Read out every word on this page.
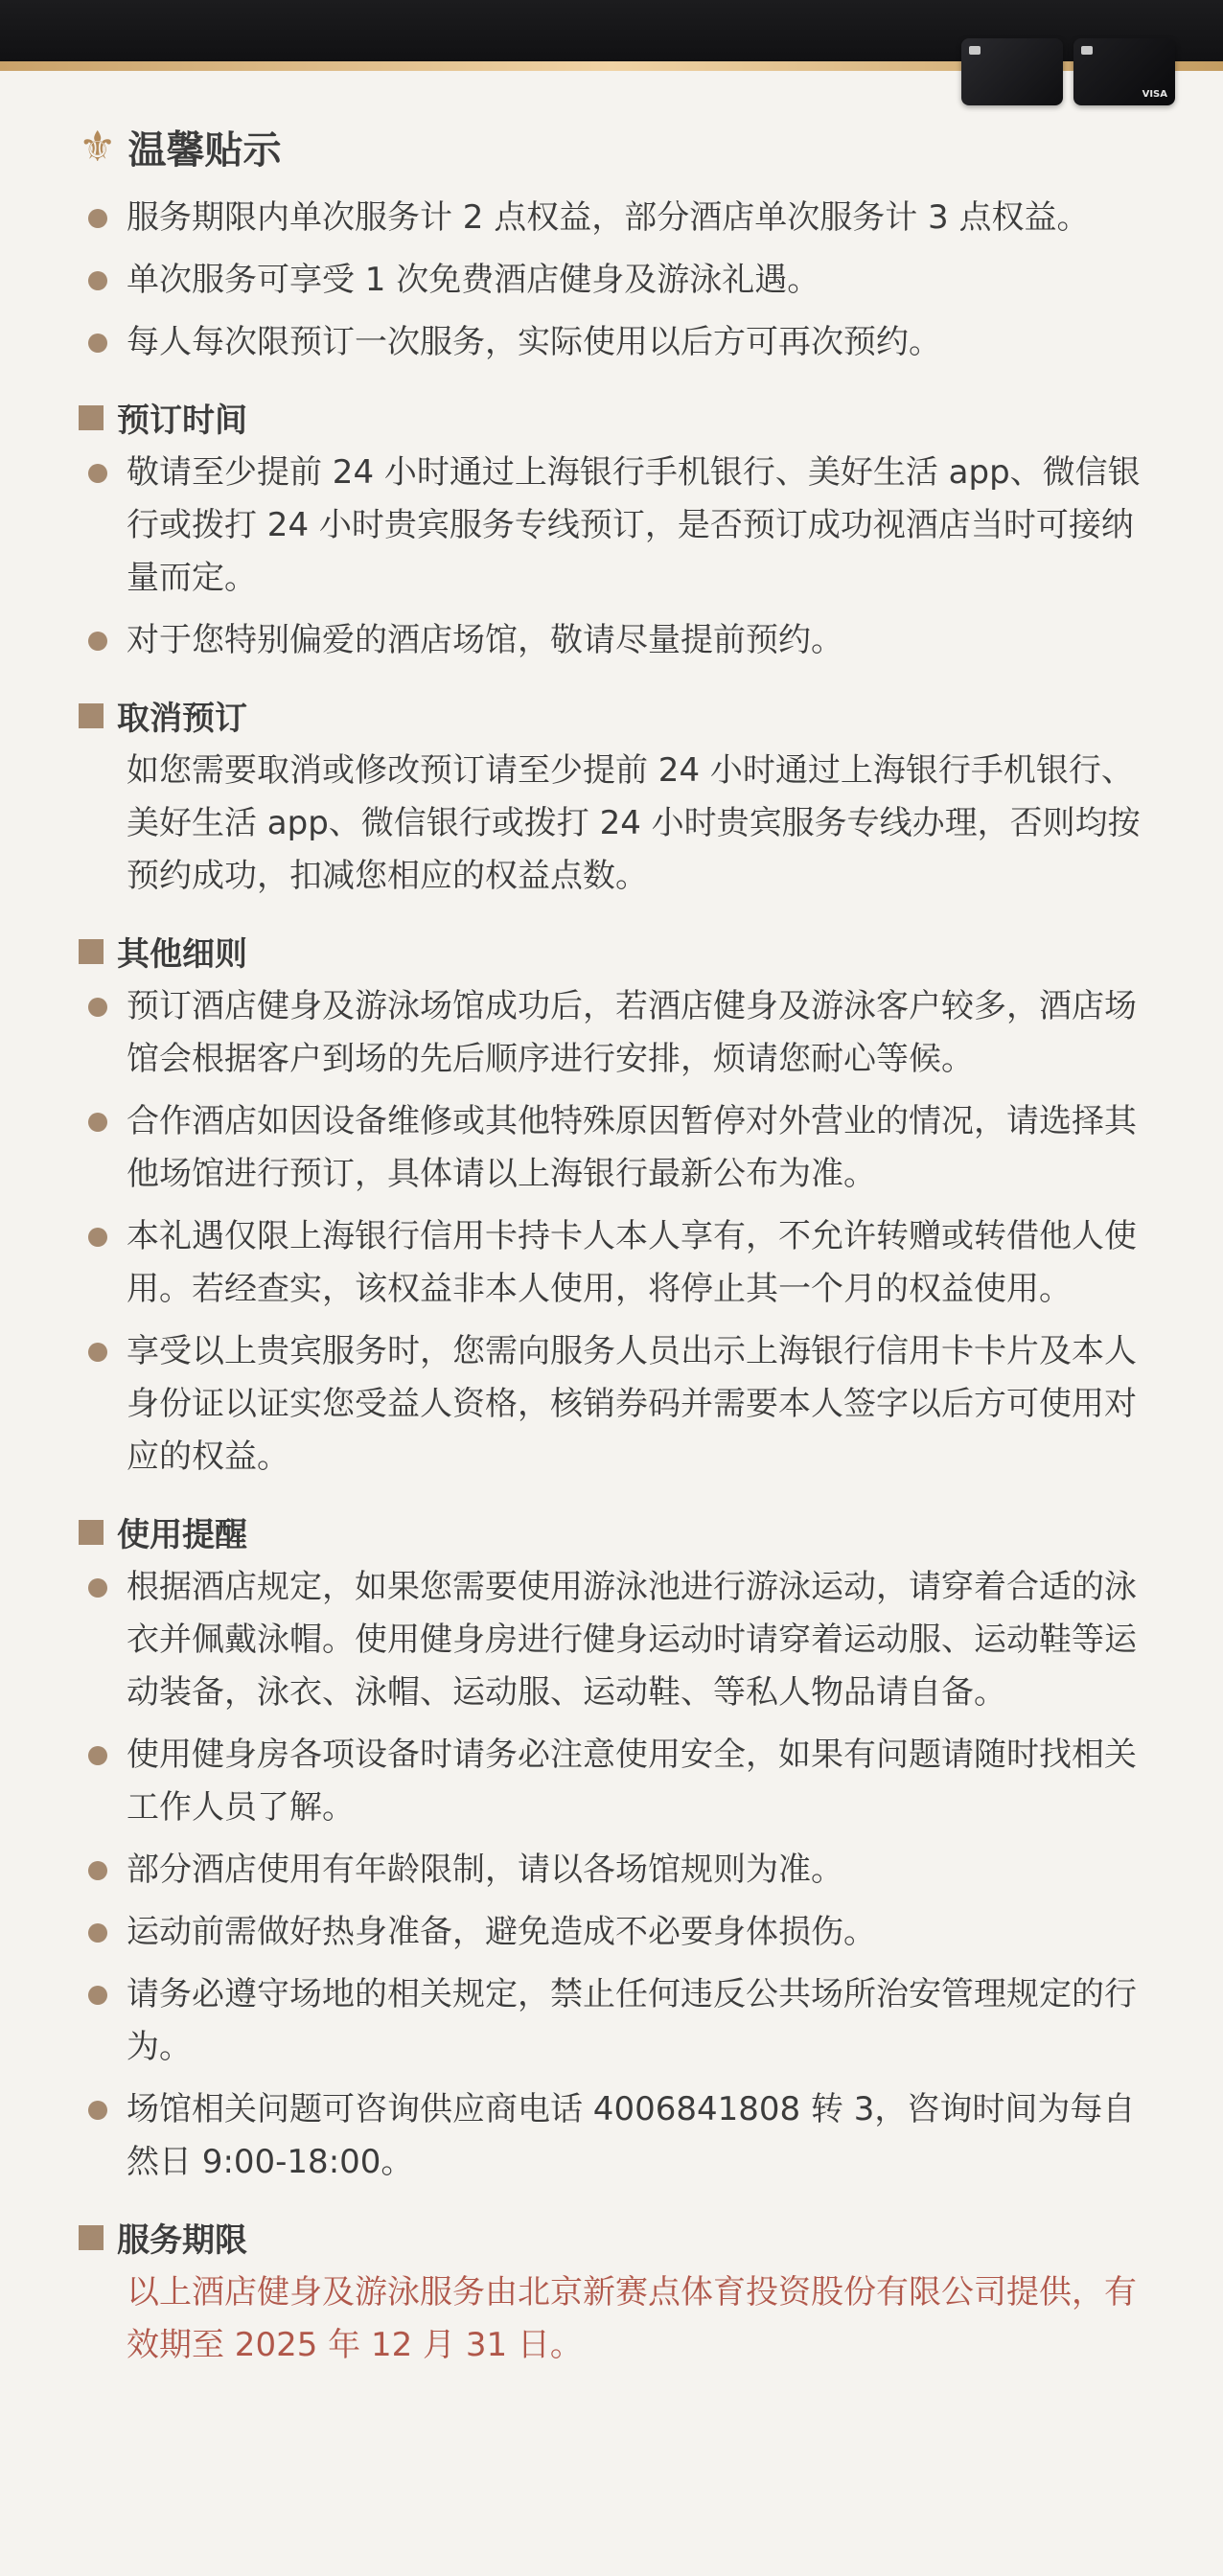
VISA
⚜ 温馨贴示
服务期限内单次服务计 2 点权益，部分酒店单次服务计 3 点权益。
单次服务可享受 1 次免费酒店健身及游泳礼遇。
每人每次限预订一次服务，实际使用以后方可再次预约。
预订时间
敬请至少提前 24 小时通过上海银行手机银行、美好生活 app、微信银行或拨打 24 小时贵宾服务专线预订，是否预订成功视酒店当时可接纳量而定。
对于您特别偏爱的酒店场馆，敬请尽量提前预约。
取消预订
如您需要取消或修改预订请至少提前 24 小时通过上海银行手机银行、美好生活 app、微信银行或拨打 24 小时贵宾服务专线办理，否则均按预约成功，扣减您相应的权益点数。
其他细则
预订酒店健身及游泳场馆成功后，若酒店健身及游泳客户较多，酒店场馆会根据客户到场的先后顺序进行安排，烦请您耐心等候。
合作酒店如因设备维修或其他特殊原因暂停对外营业的情况，请选择其他场馆进行预订，具体请以上海银行最新公布为准。
本礼遇仅限上海银行信用卡持卡人本人享有，不允许转赠或转借他人使用。若经查实，该权益非本人使用，将停止其一个月的权益使用。
享受以上贵宾服务时，您需向服务人员出示上海银行信用卡卡片及本人身份证以证实您受益人资格，核销券码并需要本人签字以后方可使用对应的权益。
使用提醒
根据酒店规定，如果您需要使用游泳池进行游泳运动，请穿着合适的泳衣并佩戴泳帽。使用健身房进行健身运动时请穿着运动服、运动鞋等运动装备，泳衣、泳帽、运动服、运动鞋、等私人物品请自备。
使用健身房各项设备时请务必注意使用安全，如果有问题请随时找相关工作人员了解。
部分酒店使用有年龄限制，请以各场馆规则为准。
运动前需做好热身准备，避免造成不必要身体损伤。
请务必遵守场地的相关规定，禁止任何违反公共场所治安管理规定的行为。
场馆相关问题可咨询供应商电话 4006841808 转 3，咨询时间为每自然日 9:00-18:00。
服务期限
以上酒店健身及游泳服务由北京新赛点体育投资股份有限公司提供，有效期至 2025 年 12 月 31 日。
